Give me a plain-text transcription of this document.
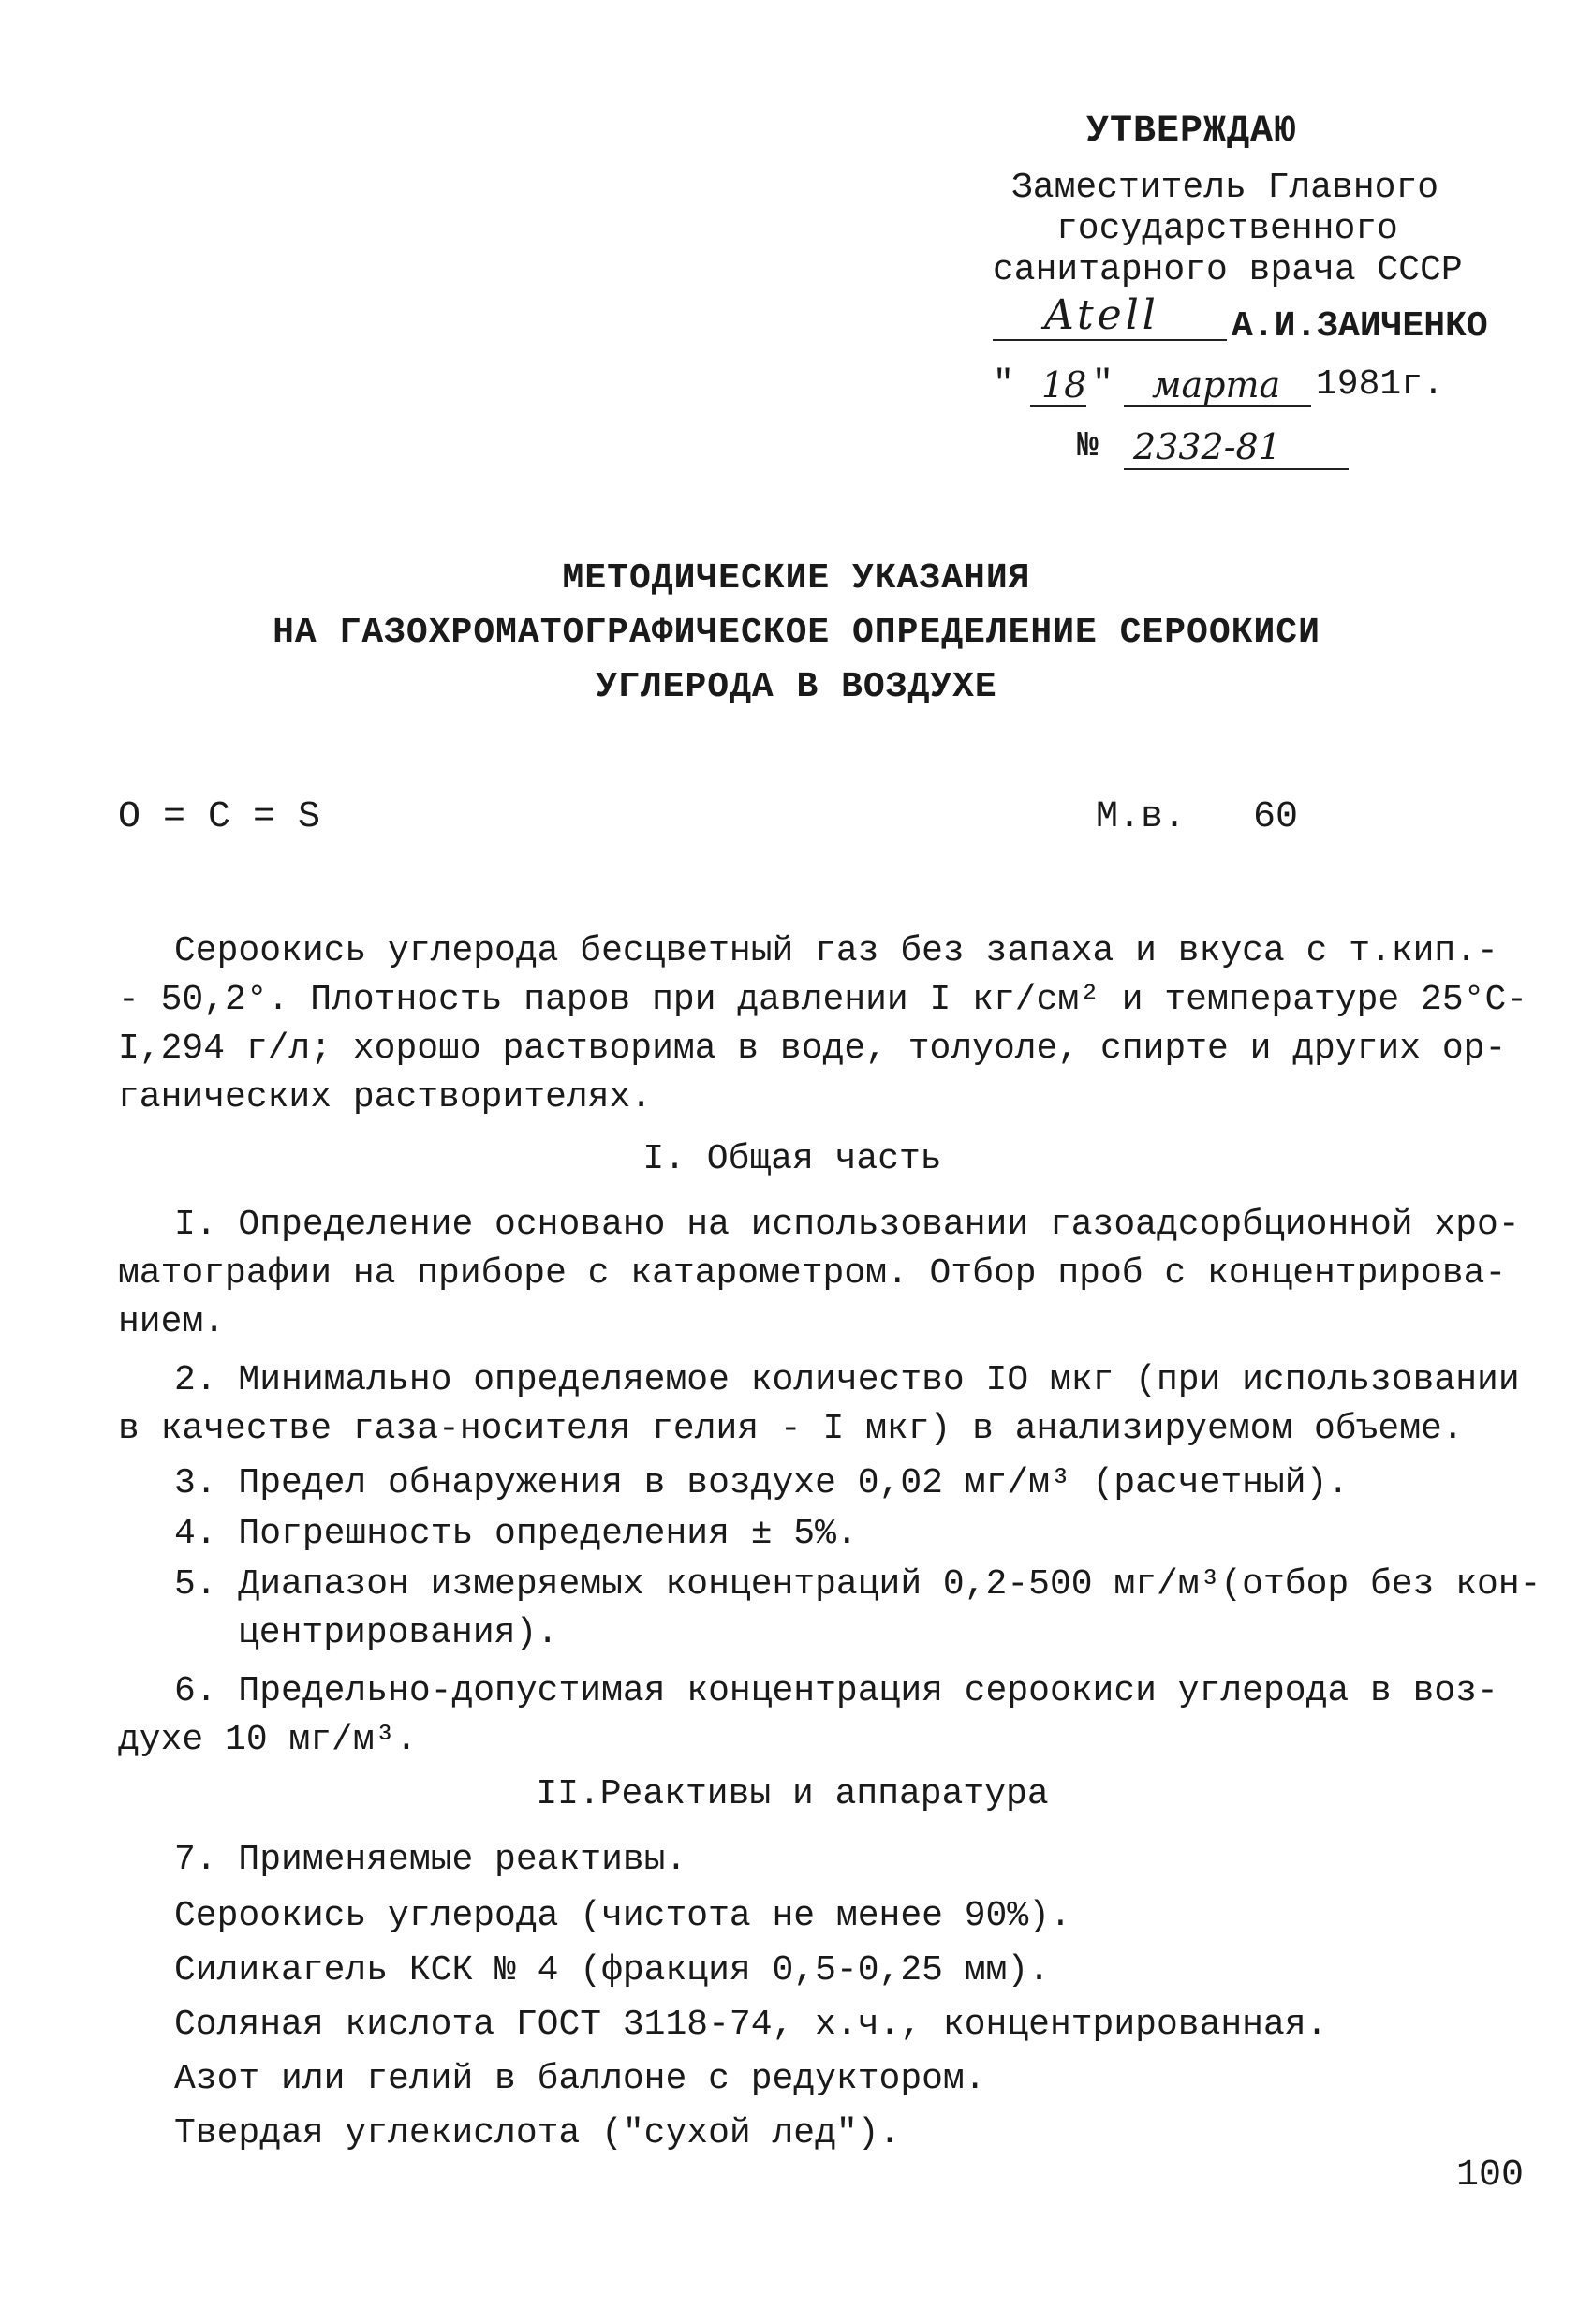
УТВЕРЖДАЮ
Заместитель Главного
государственного
санитарного врача СССР
Atell А.И.ЗАИЧЕНКО
" 18 " марта 1981г.
№ 2332-81
МЕТОДИЧЕСКИЕ УКАЗАНИЯ
НА ГАЗОХРОМАТОГРАФИЧЕСКОЕ ОПРЕДЕЛЕНИЕ СЕРООКИСИ
УГЛЕРОДА В ВОЗДУХЕ
O = C = S	М.в.   60
Сероокись углерода бесцветный газ без запаха и вкуса с т.кип.-
- 50,2°. Плотность паров при давлении I кг/см² и температуре 25°С-
I,294 г/л; хорошо растворима в воде, толуоле, спирте и других ор-
ганических растворителях.
I. Общая часть
I. Определение основано на использовании газоадсорбционной хро-
матографии на приборе с катарометром. Отбор проб с концентрирова-
нием.
2. Минимально определяемое количество IO мкг (при использовании
в качестве газа-носителя гелия - I мкг) в анализируемом объеме.
3. Предел обнаружения в воздухе 0,02 мг/м³ (расчетный).
4. Погрешность определения ± 5%.
5. Диапазон измеряемых концентраций 0,2-500 мг/м³(отбор без кон-
центрирования).
6. Предельно-допустимая концентрация сероокиси углерода в воз-
духе 10 мг/м³.
II.Реактивы и аппаратура
7. Применяемые реактивы.
Сероокись углерода (чистота не менее 90%).
Силикагель КСК № 4 (фракция 0,5-0,25 мм).
Соляная кислота ГОСТ 3118-74, х.ч., концентрированная.
Азот или гелий в баллоне с редуктором.
Твердая углекислота ("сухой лед").
100
